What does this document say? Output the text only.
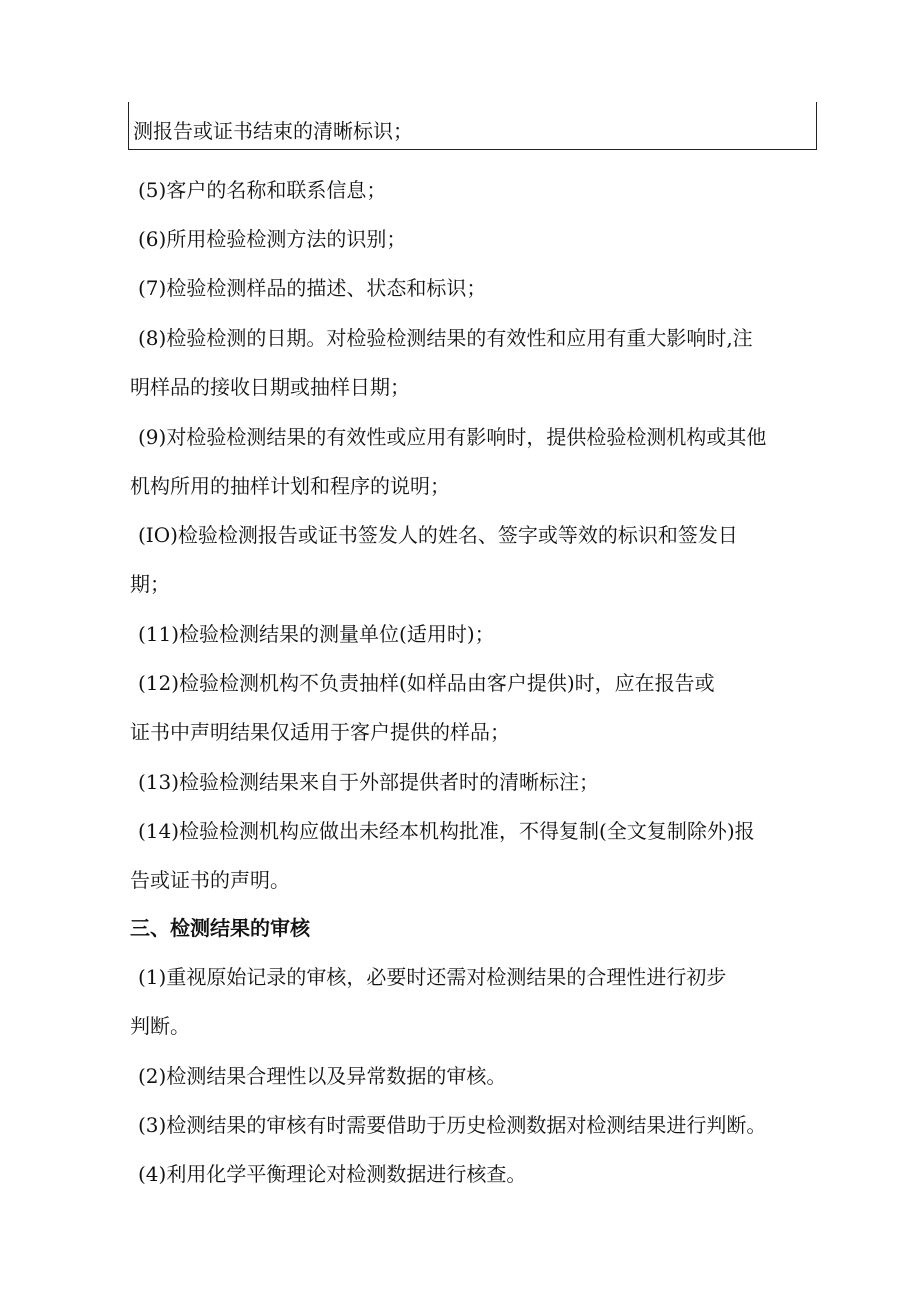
测报告或证书结束的清晰标识；
(5)客户的名称和联系信息；
(6)所用检验检测方法的识别；
(7)检验检测样品的描述、状态和标识；
(8)检验检测的日期。对检验检测结果的有效性和应用有重大影响时,注
明样品的接收日期或抽样日期；
(9)对检验检测结果的有效性或应用有影响时，提供检验检测机构或其他
机构所用的抽样计划和程序的说明；
(IO)检验检测报告或证书签发人的姓名、签字或等效的标识和签发日
期；
(11)检验检测结果的测量单位(适用时)；
(12)检验检测机构不负责抽样(如样品由客户提供)时，应在报告或
证书中声明结果仅适用于客户提供的样品；
(13)检验检测结果来自于外部提供者时的清晰标注；
(14)检验检测机构应做出未经本机构批准，不得复制(全文复制除外)报
告或证书的声明。
三、检测结果的审核
(1)重视原始记录的审核，必要时还需对检测结果的合理性进行初步
判断。
(2)检测结果合理性以及异常数据的审核。
(3)检测结果的审核有时需要借助于历史检测数据对检测结果进行判断。
(4)利用化学平衡理论对检测数据进行核查。
